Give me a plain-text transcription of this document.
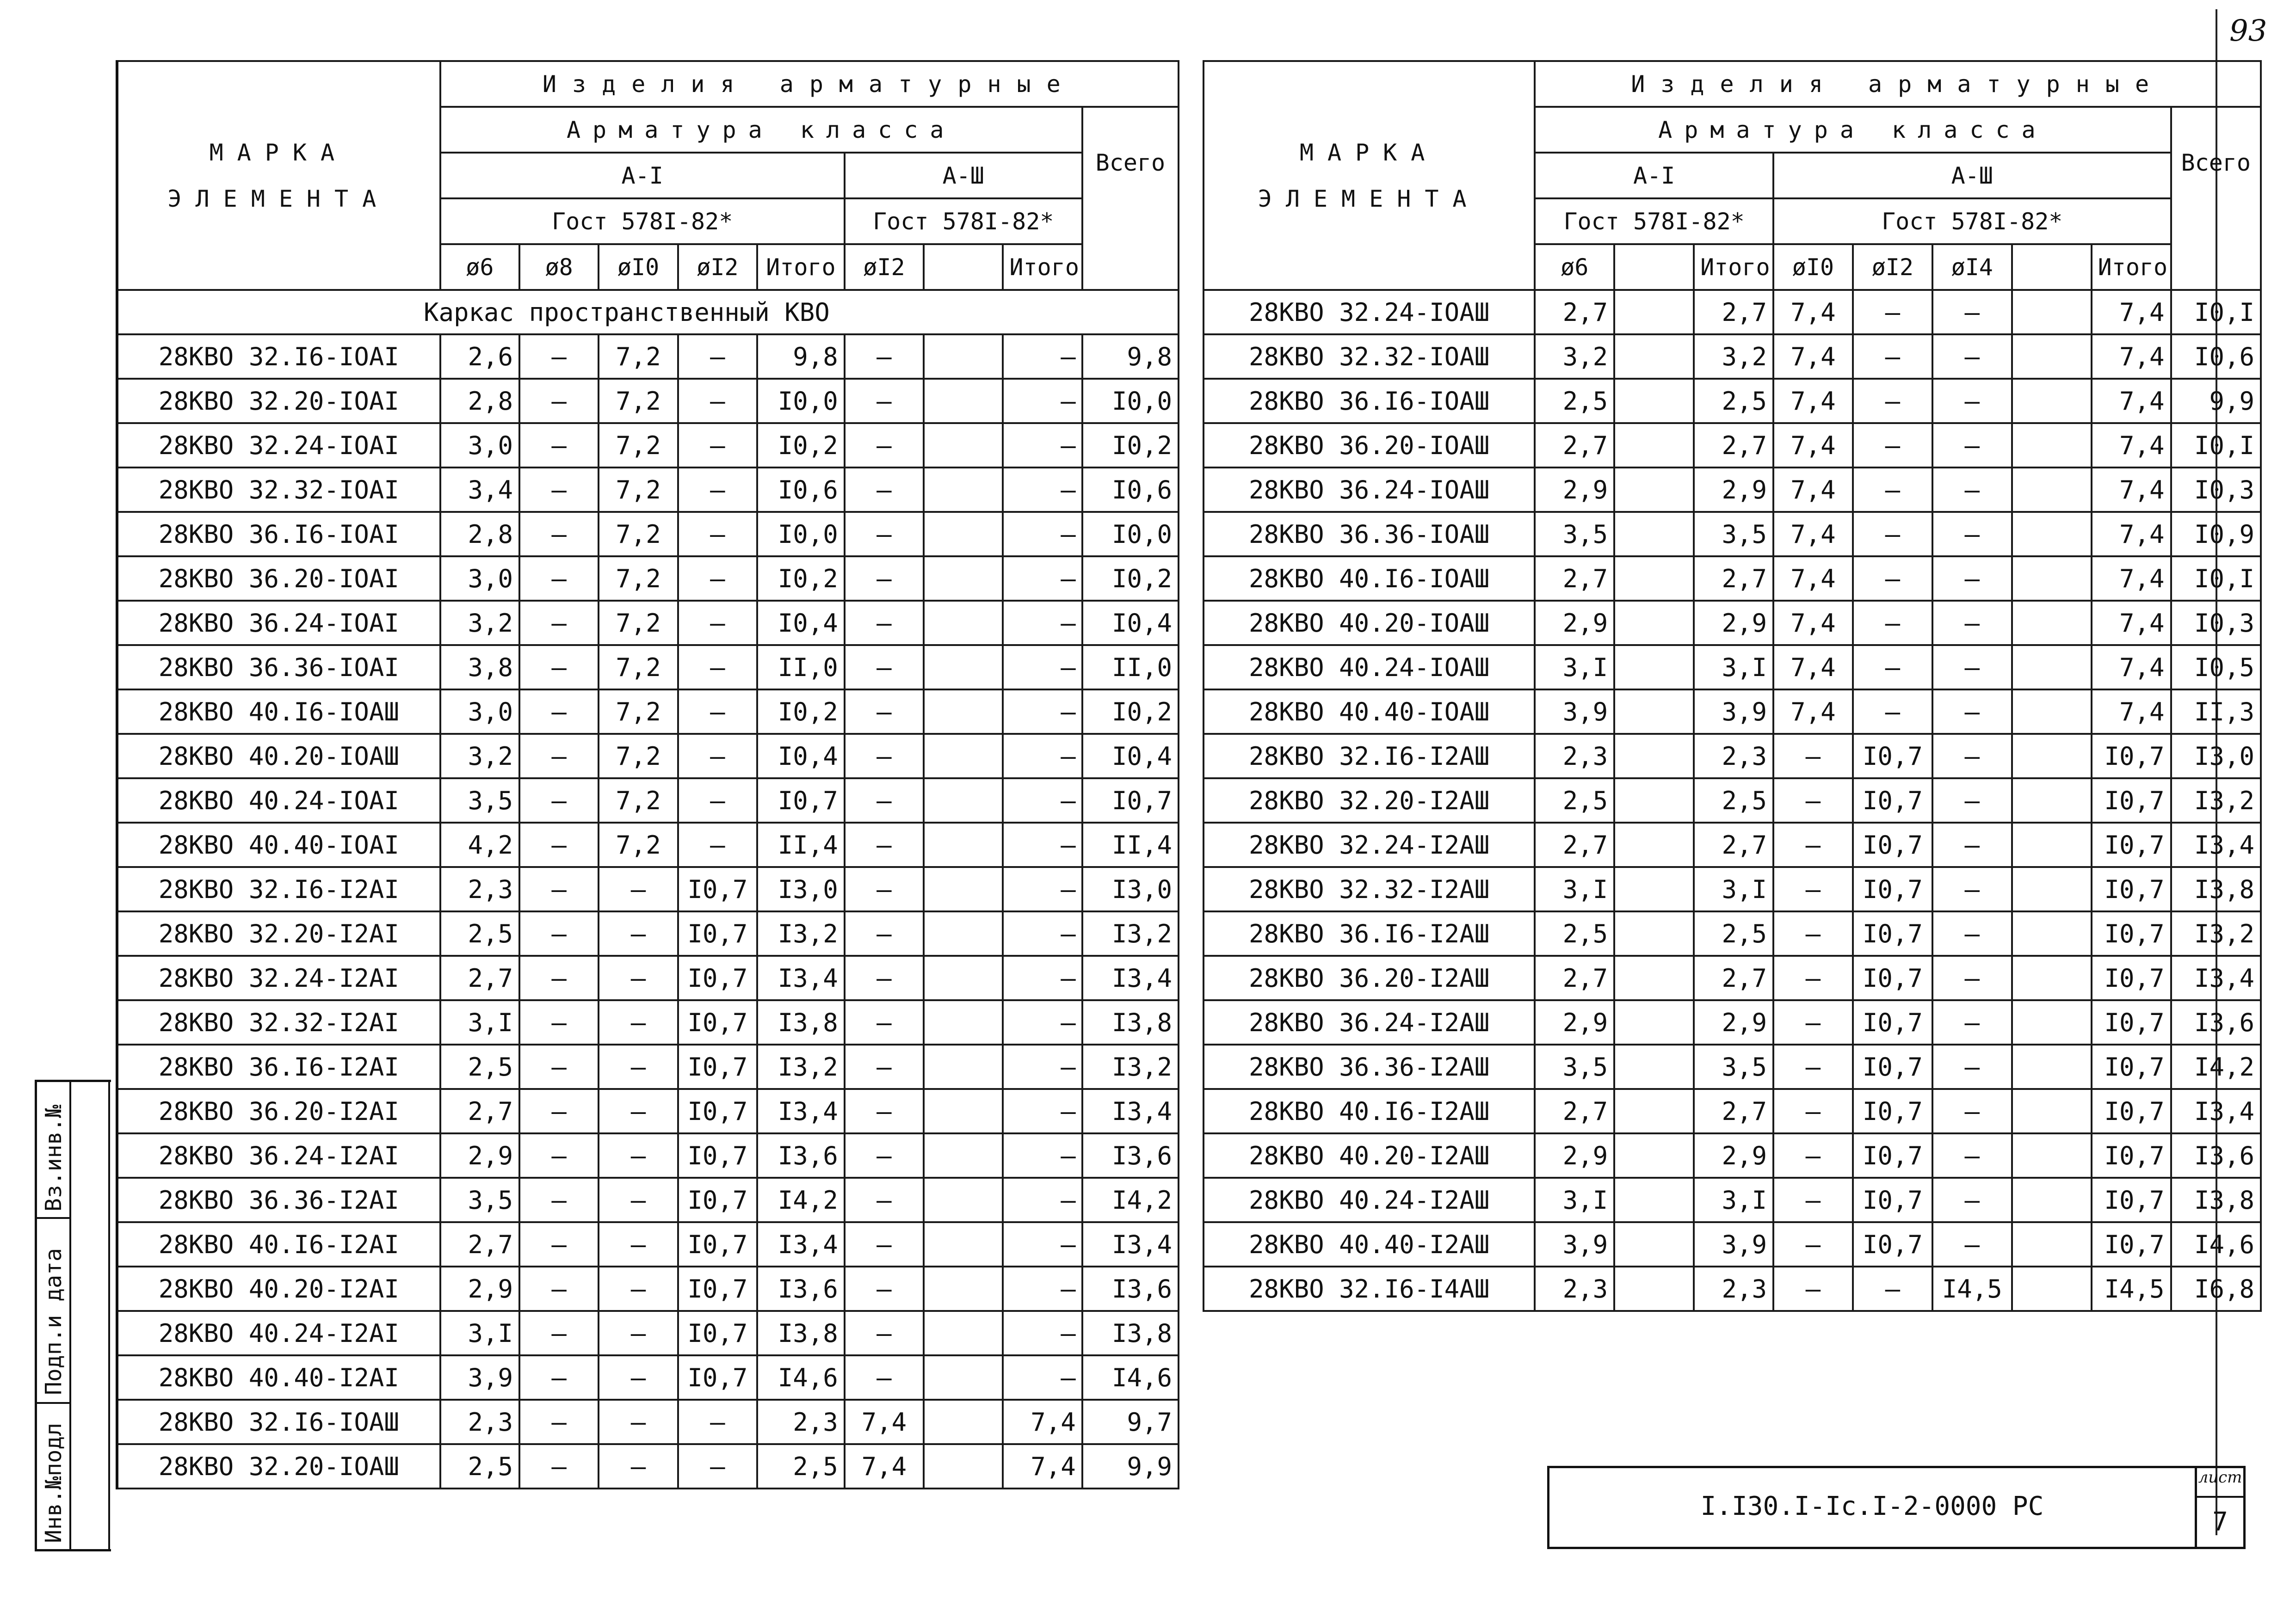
93
МАРКА
ЭЛЕМЕНТА	Изделия арматурные								
	Арматура класса								Всего
	А-I					А-Ш			
	Гост 578I-82*					Гост 578I-82*			
	ø6	ø8	øI0	øI2	Итого	øI2		Итого	
Каркас пространственный КВО									
28КВО 32.I6-IОАI	2,6	–	7,2	–	9,8	–		–	9,8
28КВО 32.20-IОАI	2,8	–	7,2	–	I0,0	–		–	I0,0
28КВО 32.24-IОАI	3,0	–	7,2	–	I0,2	–		–	I0,2
28КВО 32.32-IОАI	3,4	–	7,2	–	I0,6	–		–	I0,6
28КВО 36.I6-IОАI	2,8	–	7,2	–	I0,0	–		–	I0,0
28КВО 36.20-IОАI	3,0	–	7,2	–	I0,2	–		–	I0,2
28КВО 36.24-IОАI	3,2	–	7,2	–	I0,4	–		–	I0,4
28КВО 36.36-IОАI	3,8	–	7,2	–	II,0	–		–	II,0
28КВО 40.I6-IОАШ	3,0	–	7,2	–	I0,2	–		–	I0,2
28КВО 40.20-IОАШ	3,2	–	7,2	–	I0,4	–		–	I0,4
28КВО 40.24-IОАI	3,5	–	7,2	–	I0,7	–		–	I0,7
28КВО 40.40-IОАI	4,2	–	7,2	–	II,4	–		–	II,4
28КВО 32.I6-I2АI	2,3	–	–	I0,7	I3,0	–		–	I3,0
28КВО 32.20-I2АI	2,5	–	–	I0,7	I3,2	–		–	I3,2
28КВО 32.24-I2АI	2,7	–	–	I0,7	I3,4	–		–	I3,4
28КВО 32.32-I2АI	3,I	–	–	I0,7	I3,8	–		–	I3,8
28КВО 36.I6-I2АI	2,5	–	–	I0,7	I3,2	–		–	I3,2
28КВО 36.20-I2АI	2,7	–	–	I0,7	I3,4	–		–	I3,4
28КВО 36.24-I2АI	2,9	–	–	I0,7	I3,6	–		–	I3,6
28КВО 36.36-I2АI	3,5	–	–	I0,7	I4,2	–		–	I4,2
28КВО 40.I6-I2АI	2,7	–	–	I0,7	I3,4	–		–	I3,4
28КВО 40.20-I2АI	2,9	–	–	I0,7	I3,6	–		–	I3,6
28КВО 40.24-I2АI	3,I	–	–	I0,7	I3,8	–		–	I3,8
28КВО 40.40-I2АI	3,9	–	–	I0,7	I4,6	–		–	I4,6
28КВО 32.I6-IОАШ	2,3	–	–	–	2,3	7,4		7,4	9,7
28КВО 32.20-IОАШ	2,5	–	–	–	2,5	7,4		7,4	9,9
МАРКА
ЭЛЕМЕНТА	Изделия арматурные								
	Арматура класса								Всего
	А-I			А-Ш					
	Гост 578I-82*			Гост 578I-82*					
	ø6		Итого	øI0	øI2	øI4		Итого	
28КВО 32.24-IОАШ	2,7		2,7	7,4	–	–		7,4	I0,I
28КВО 32.32-IОАШ	3,2		3,2	7,4	–	–		7,4	I0,6
28КВО 36.I6-IОАШ	2,5		2,5	7,4	–	–		7,4	9,9
28КВО 36.20-IОАШ	2,7		2,7	7,4	–	–		7,4	I0,I
28КВО 36.24-IОАШ	2,9		2,9	7,4	–	–		7,4	I0,3
28КВО 36.36-IОАШ	3,5		3,5	7,4	–	–		7,4	I0,9
28КВО 40.I6-IОАШ	2,7		2,7	7,4	–	–		7,4	I0,I
28КВО 40.20-IОАШ	2,9		2,9	7,4	–	–		7,4	I0,3
28КВО 40.24-IОАШ	3,I		3,I	7,4	–	–		7,4	I0,5
28КВО 40.40-IОАШ	3,9		3,9	7,4	–	–		7,4	II,3
28КВО 32.I6-I2АШ	2,3		2,3	–	I0,7	–		I0,7	I3,0
28КВО 32.20-I2АШ	2,5		2,5	–	I0,7	–		I0,7	I3,2
28КВО 32.24-I2АШ	2,7		2,7	–	I0,7	–		I0,7	I3,4
28КВО 32.32-I2АШ	3,I		3,I	–	I0,7	–		I0,7	I3,8
28КВО 36.I6-I2АШ	2,5		2,5	–	I0,7	–		I0,7	I3,2
28КВО 36.20-I2АШ	2,7		2,7	–	I0,7	–		I0,7	I3,4
28КВО 36.24-I2АШ	2,9		2,9	–	I0,7	–		I0,7	I3,6
28КВО 36.36-I2АШ	3,5		3,5	–	I0,7	–		I0,7	I4,2
28КВО 40.I6-I2АШ	2,7		2,7	–	I0,7	–		I0,7	I3,4
28КВО 40.20-I2АШ	2,9		2,9	–	I0,7	–		I0,7	I3,6
28КВО 40.24-I2АШ	3,I		3,I	–	I0,7	–		I0,7	I3,8
28КВО 40.40-I2АШ	3,9		3,9	–	I0,7	–		I0,7	I4,6
28КВО 32.I6-I4АШ	2,3		2,3	–	–	I4,5		I4,5	I6,8
I.I30.I-Ic.I-2-0000 PC
лист
7
Вз.инв.№
Подп.и дата
Инв.№подл
